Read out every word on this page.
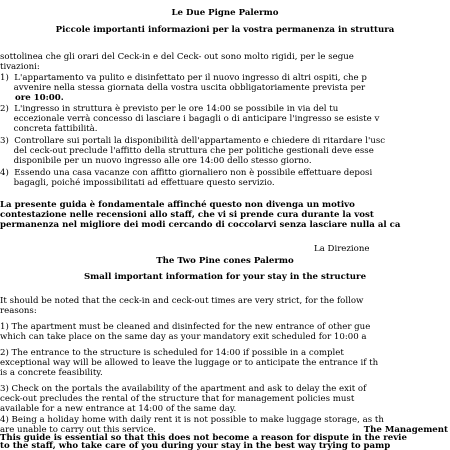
Le Due Pigne Palermo
Piccole importanti informazioni per la vostra permanenza in struttura
sottolinea che gli orari del Ceck-in e del Ceck- out sono molto rigidi, per le segue
tivazioni:
1)  L'appartamento va pulito e disinfettato per il nuovo ingresso di altri ospiti, che p
avvenire nella stessa giornata della vostra uscita obbligatoriamente prevista per
ore 10:00.
2)  L'ingresso in struttura è previsto per le ore 14:00 se possibile in via del tu
eccezionale verrà concesso di lasciare i bagagli o di anticipare l'ingresso se esiste v
concreta fattibilità.
3)  Controllare sui portali la disponibilità dell'appartamento e chiedere di ritardare l'usc
del ceck-out preclude l'affitto della struttura che per politiche gestionali deve esse
disponibile per un nuovo ingresso alle ore 14:00 dello stesso giorno.
4)  Essendo una casa vacanze con affitto giornaliero non è possibile effettuare deposi
bagagli, poiché impossibilitati ad effettuare questo servizio.
La presente guida è fondamentale affinché questo non divenga un motivo
contestazione nelle recensioni allo staff, che vi si prende cura durante la vost
permanenza nel migliore dei modi cercando di coccolarvi senza lasciare nulla al ca
La Direzione
The Two Pine cones Palermo
Small important information for your stay in the structure
It should be noted that the ceck-in and ceck-out times are very strict, for the follow
reasons:
1) The apartment must be cleaned and disinfected for the new entrance of other gue
which can take place on the same day as your mandatory exit scheduled for 10:00 a
2) The entrance to the structure is scheduled for 14:00 if possible in a complet
exceptional way will be allowed to leave the luggage or to anticipate the entrance if th
is a concrete feasibility.
3) Check on the portals the availability of the apartment and ask to delay the exit of
ceck-out precludes the rental of the structure that for management policies must
available for a new entrance at 14:00 of the same day.
4) Being a holiday home with daily rent it is not possible to make luggage storage, as th
are unable to carry out this service.
This guide is essential so that this does not become a reason for dispute in the revie
to the staff, who take care of you during your stay in the best way trying to pamp
The Management
